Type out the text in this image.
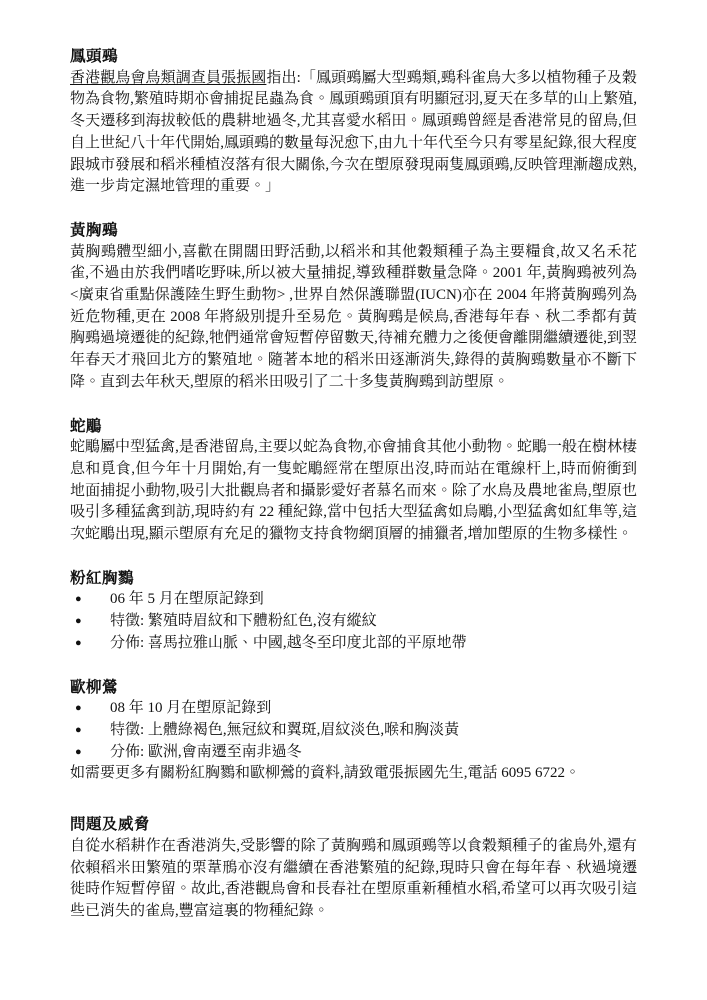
鳳頭鵐

香港觀鳥會鳥類調查員張振國指出:「鳳頭鵐屬大型鵐類,鵐科雀鳥大多以植物種子及穀物為食物,繁殖時期亦會捕捉昆蟲為食。鳳頭鵐頭頂有明顯冠羽,夏天在多草的山上繁殖,冬天遷移到海拔較低的農耕地過冬,尤其喜愛水稻田。鳳頭鵐曾經是香港常見的留鳥,但自上世紀八十年代開始,鳳頭鵐的數量每況愈下,由九十年代至今只有零星紀錄,很大程度跟城市發展和稻米種植沒落有很大關係,今次在塱原發現兩隻鳳頭鵐,反映管理漸趨成熟,進一步肯定濕地管理的重要。」

黃胸鵐

黃胸鵐體型細小,喜歡在開闊田野活動,以稻米和其他穀類種子為主要糧食,故又名禾花雀,不過由於我們嗜吃野味,所以被大量捕捉,導致種群數量急降。2001 年,黃胸鵐被列為<廣東省重點保護陸生野生動物> ,世界自然保護聯盟(IUCN)亦在 2004 年將黃胸鵐列為近危物種,更在 2008 年將級別提升至易危。黃胸鵐是候鳥,香港每年春、秋二季都有黃胸鵐過境遷徙的紀錄,牠們通常會短暫停留數天,待補充體力之後便會離開繼續遷徙,到翌年春天才飛回北方的繁殖地。隨著本地的稻米田逐漸消失,錄得的黃胸鵐數量亦不斷下降。直到去年秋天,塱原的稻米田吸引了二十多隻黃胸鵐到訪塱原。

蛇鵰

蛇鵰屬中型猛禽,是香港留鳥,主要以蛇為食物,亦會捕食其他小動物。蛇鵰一般在樹林棲息和覓食,但今年十月開始,有一隻蛇鵰經常在塱原出沒,時而站在電線杆上,時而俯衝到地面捕捉小動物,吸引大批觀鳥者和攝影愛好者慕名而來。除了水鳥及農地雀鳥,塱原也吸引多種猛禽到訪,現時約有 22 種紀錄,當中包括大型猛禽如烏鵰,小型猛禽如紅隼等,這次蛇鵰出現,顯示塱原有充足的獵物支持食物網頂層的捕獵者,增加塱原的生物多樣性。

粉紅胸鷚
●	06 年 5 月在塱原記錄到
●	特徵: 繁殖時眉紋和下體粉紅色,沒有縱紋
●	分佈: 喜馬拉雅山脈、中國,越冬至印度北部的平原地帶
歐柳鶯
●	08 年 10 月在塱原記錄到
●	特徵: 上體綠褐色,無冠紋和翼斑,眉紋淡色,喉和胸淡黃
●	分佈: 歐洲,會南遷至南非過冬

如需要更多有關粉紅胸鷚和歐柳鶯的資料,請致電張振國先生,電話 6095 6722。

問題及威脅

自從水稻耕作在香港消失,受影響的除了黃胸鵐和鳳頭鵐等以食穀類種子的雀鳥外,還有依賴稻米田繁殖的栗葦鳽亦沒有繼續在香港繁殖的紀錄,現時只會在每年春、秋過境遷徙時作短暫停留。故此,香港觀鳥會和長春社在塱原重新種植水稻,希望可以再次吸引這些已消失的雀鳥,豐富這裏的物種紀錄。
